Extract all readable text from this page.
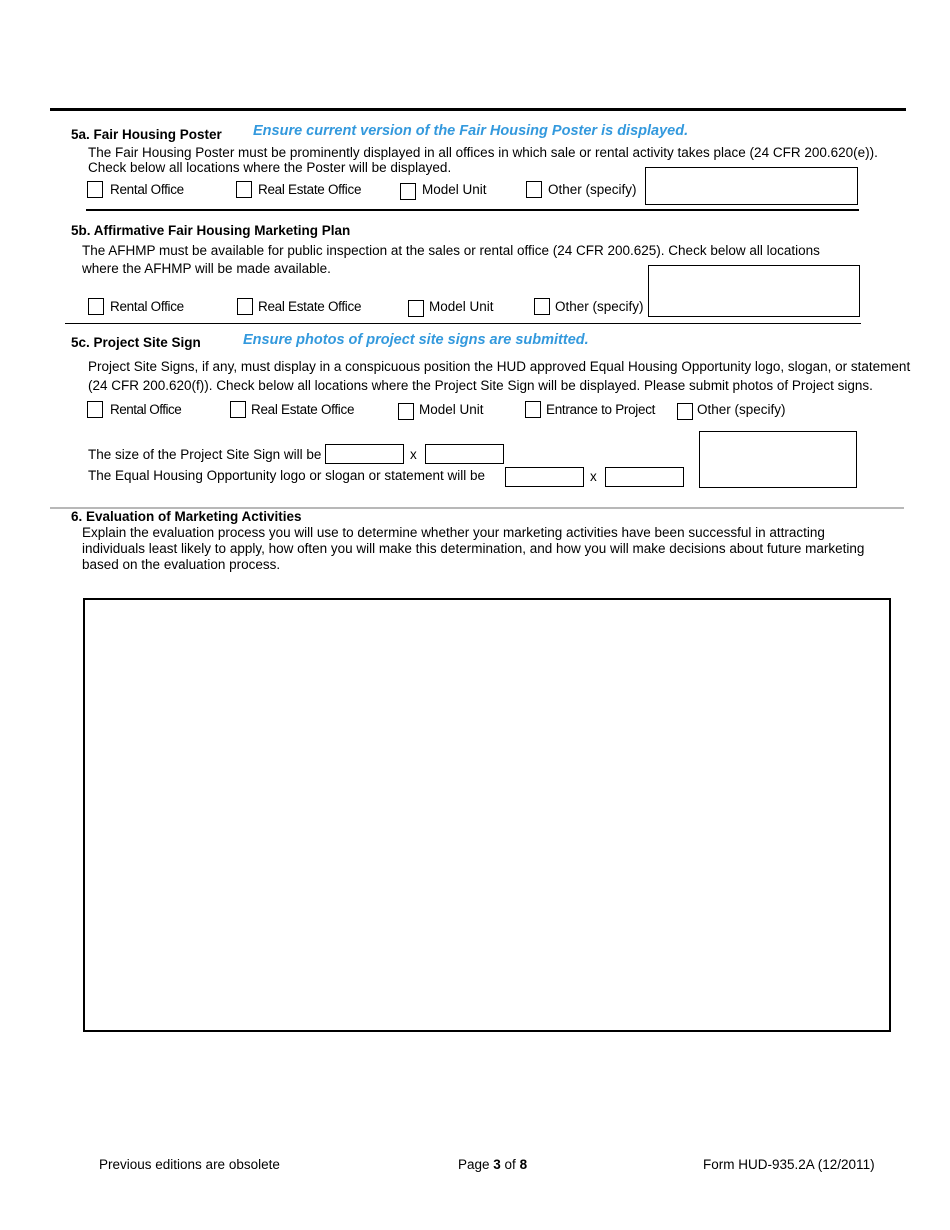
5a. Fair Housing Poster Ensure current version of the Fair Housing Poster is displayed.
The Fair Housing Poster must be prominently displayed in all offices in which sale or rental activity takes place (24 CFR 200.620(e)).
Check below all locations where the Poster will be displayed.
Rental Office	Real Estate Office	Model Unit	Other (specify)
5b. Affirmative Fair Housing Marketing Plan
The AFHMP must be available for public inspection at the sales or rental office (24 CFR 200.625). Check below all locations
where the AFHMP will be made available.
Rental Office	Real Estate Office	Model Unit	Other (specify)
5c. Project Site Sign	Ensure photos of project site signs are submitted.
Project Site Signs, if any, must display in a conspicuous position the HUD approved Equal Housing Opportunity logo, slogan, or statement
(24 CFR 200.620(f)). Check below all locations where the Project Site Sign will be displayed. Please submit photos of Project signs.
Rental Office	Real Estate Office	Model Unit	Entrance to Project	Other (specify)
The size of the Project Site Sign will be	x
The Equal Housing Opportunity logo or slogan or statement will be	x
6. Evaluation of Marketing Activities
Explain the evaluation process you will use to determine whether your marketing activities have been successful in attracting
individuals least likely to apply, how often you will make this determination, and how you will make decisions about future marketing
based on the evaluation process.
Previous editions are obsolete	Page 3 of 8	Form HUD-935.2A (12/2011)
